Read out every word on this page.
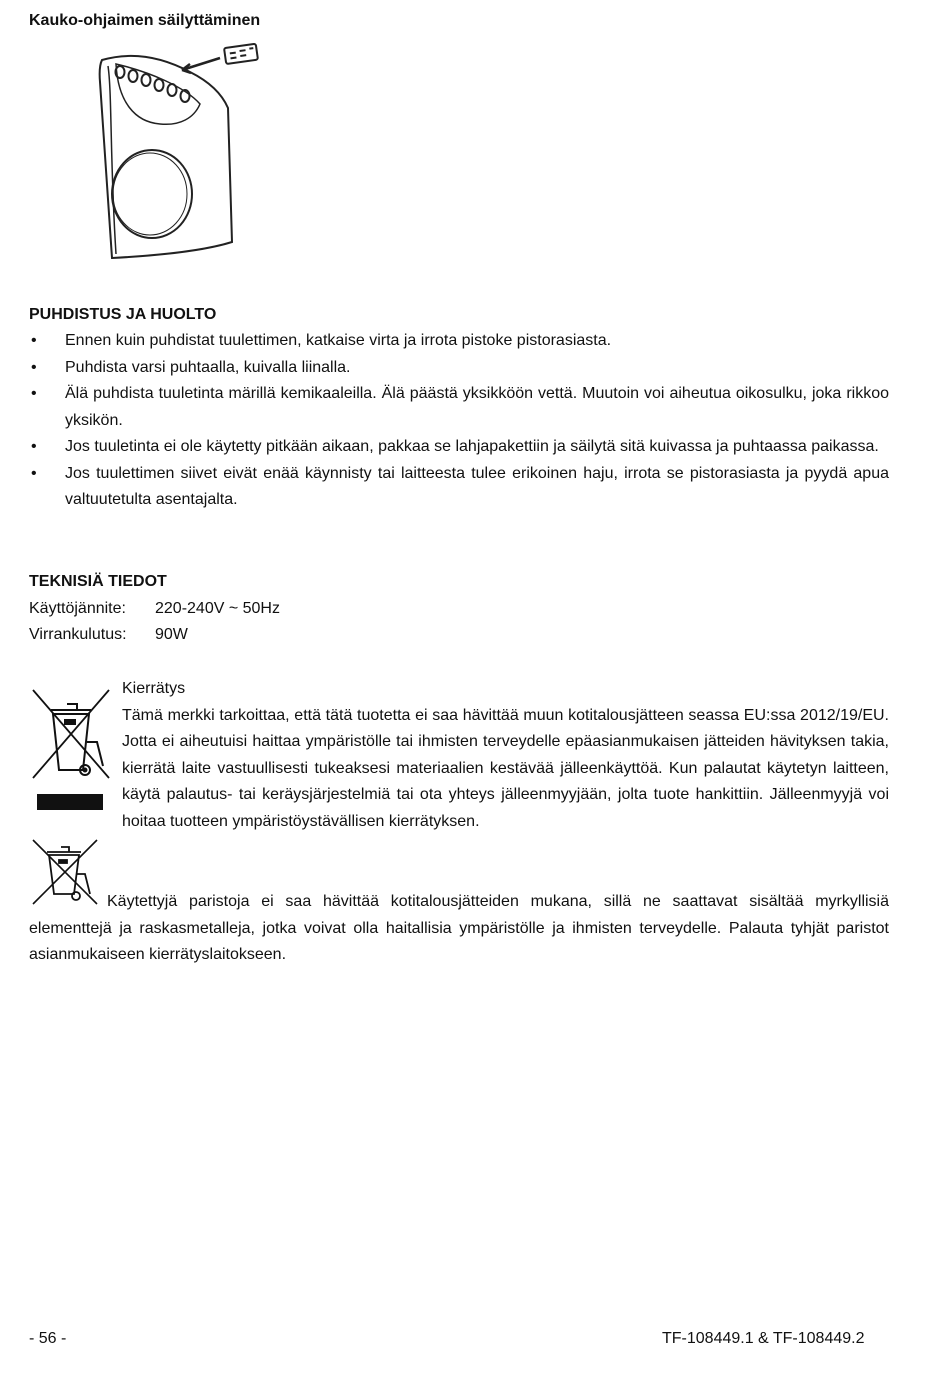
Kauko-ohjaimen säilyttäminen
PUHDISTUS JA HUOLTO
• Ennen kuin puhdistat tuulettimen, katkaise virta ja irrota pistoke pistorasiasta.
• Puhdista varsi puhtaalla, kuivalla liinalla.
• Älä puhdista tuuletinta märillä kemikaaleilla. Älä päästä yksikköön vettä. Muutoin voi aiheutua oikosulku, joka rikkoo yksikön.
• Jos tuuletinta ei ole käytetty pitkään aikaan, pakkaa se lahjapakettiin ja säilytä sitä kuivassa ja puhtaassa paikassa.
• Jos tuulettimen siivet eivät enää käynnisty tai laitteesta tulee erikoinen haju, irrota se pistorasiasta ja pyydä apua valtuutetulta asentajalta.
TEKNISIÄ TIEDOT
Käyttöjännite: 220-240V ~ 50Hz
Virrankulutus: 90W

Kierrätys

Tämä merkki tarkoittaa, että tätä tuotetta ei saa hävittää muun kotitalousjätteen seassa EU:ssa 2012/19/EU. Jotta ei aiheutuisi haittaa ympäristölle tai ihmisten terveydelle epäasianmukaisen jätteiden hävityksen takia, kierrätä laite vastuullisesti tukeaksesi materiaalien kestävää jälleenkäyttöä. Kun palautat käytetyn laitteen, käytä palautus- tai keräysjärjestelmiä tai ota yhteys jälleenmyyjään, jolta tuote hankittiin. Jälleenmyyjä voi hoitaa tuotteen ympäristöystävällisen kierrätyksen.

Käytettyjä paristoja ei saa hävittää kotitalousjätteiden mukana, sillä ne saattavat sisältää myrkyllisiä elementtejä ja raskasmetalleja, jotka voivat olla haitallisia ympäristölle ja ihmisten terveydelle. Palauta tyhjät paristot asianmukaiseen kierrätyslaitokseen.

- 56 -	TF-108449.1 & TF-108449.2
